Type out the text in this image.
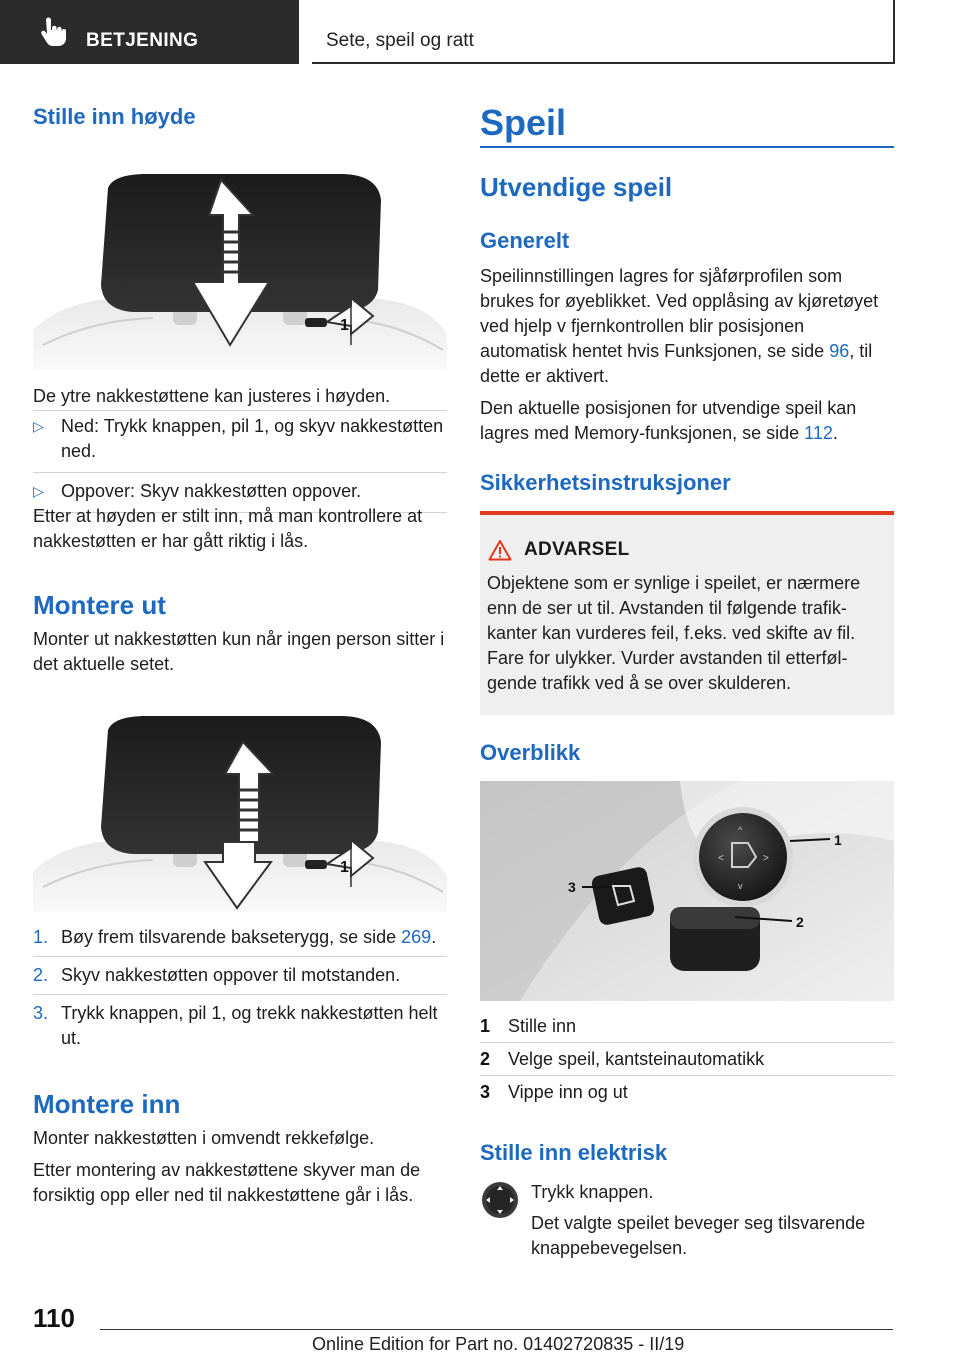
BETJENING	Sete, speil og ratt
Stille inn høyde
1

De ytre nakkestøttene kan justeres i høyden.

▷ Ned: Trykk knappen, pil 1, og skyv nakkestøtten ned.
▷ Oppover: Skyv nakkestøtten oppover.

Etter at høyden er stilt inn, må man kontrollere at nakkestøtten er har gått riktig i lås.

Montere ut

Monter ut nakkestøtten kun når ingen person sitter i det aktuelle setet.

1
1. Bøy frem tilsvarende bakseterygg, se side 269.
2. Skyv nakkestøtten oppover til motstanden.
3. Trykk knappen, pil 1, og trekk nakkestøtten helt ut.
Montere inn

Monter nakkestøtten i omvendt rekkefølge.

Etter montering av nakkestøttene skyver man de forsiktig opp eller ned til nakkestøttene går i lås.

Speil
Utvendige speil
Generelt

Speilinnstillingen lagres for sjåførprofilen som brukes for øyeblikket. Ved opplåsing av kjøretøyet ved hjelp v fjernkontrollen blir posisjonen automatisk hentet hvis Funksjonen, se side 96, til dette er aktivert.

Den aktuelle posisjonen for utvendige speil kan lagres med Memory-funksjonen, se side 112.

Sikkerhetsinstruksjoner
ADVARSEL
Objektene som er synlige i speilet, er nærmere enn de ser ut til. Avstanden til følgende trafikkanter kan vurderes feil, f.eks. ved skifte av fil. Fare for ulykker. Vurder avstanden til etterfølgende trafikk ved å se over skulderen.
Overblikk
<	>
^
v
1
2
3
1 Stille inn
2 Velge speil, kantsteinautomatikk
3 Vippe inn og ut
Stille inn elektrisk

Trykk knappen.

Det valgte speilet beveger seg tilsvarende knappebevegelsen.

110
Online Edition for Part no. 01402720835 - II/19
